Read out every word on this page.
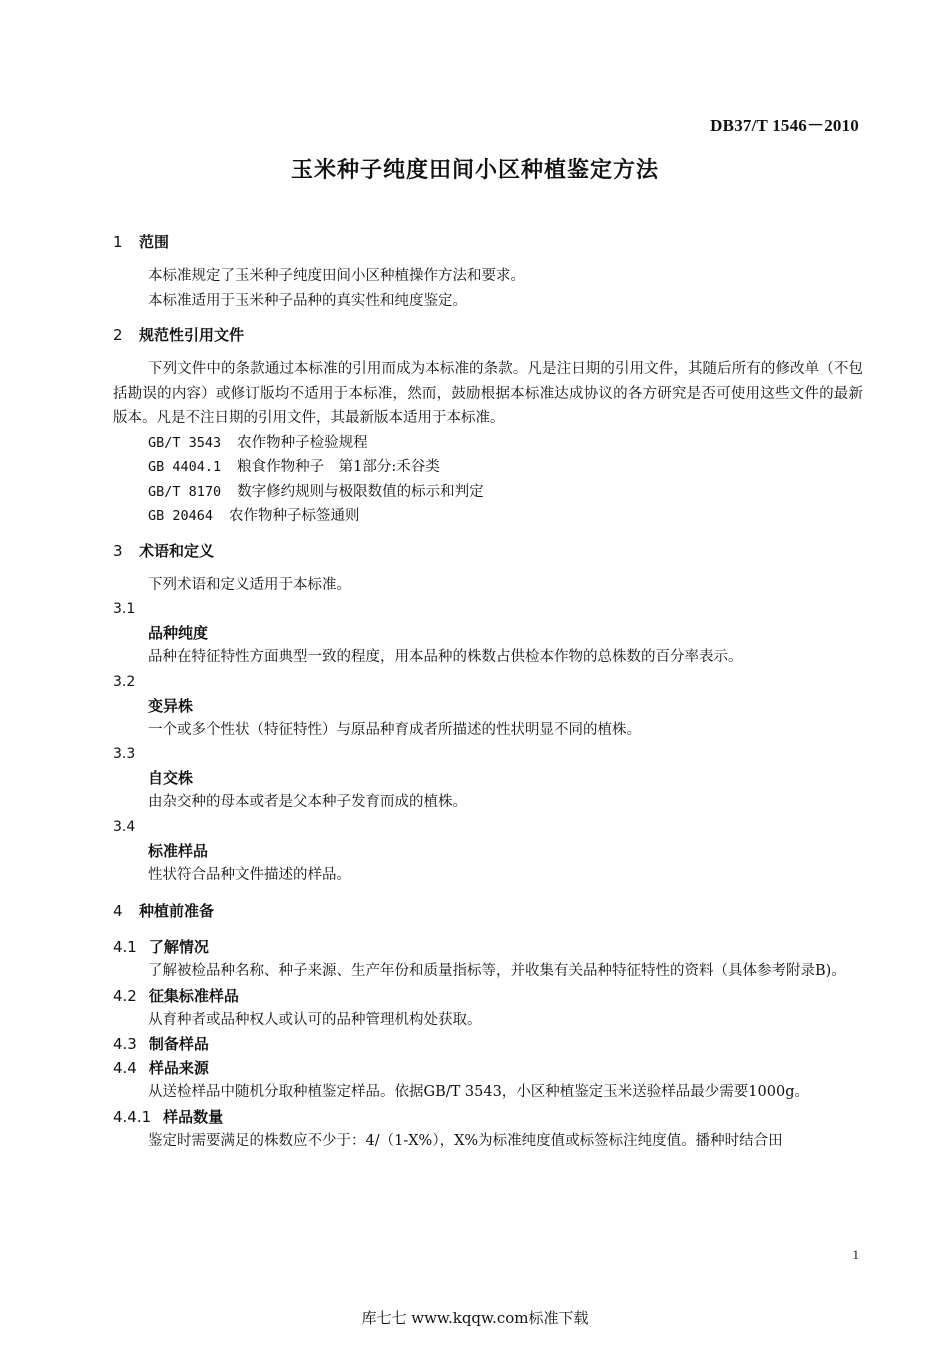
DB37/T 1546－2010
玉米种子纯度田间小区种植鉴定方法

1 范围

本标准规定了玉米种子纯度田间小区种植操作方法和要求。

本标准适用于玉米种子品种的真实性和纯度鉴定。

2 规范性引用文件

下列文件中的条款通过本标准的引用而成为本标准的条款。凡是注日期的引用文件，其随后所有的修改单（不包括勘误的内容）或修订版均不适用于本标准，然而，鼓励根据本标准达成协议的各方研究是否可使用这些文件的最新版本。凡是不注日期的引用文件，其最新版本适用于本标准。

GB/T 3543 农作物种子检验规程

GB 4404.1 粮食作物种子　第1部分:禾谷类

GB/T 8170 数字修约规则与极限数值的标示和判定

GB 20464 农作物种子标签通则

3 术语和定义

下列术语和定义适用于本标准。

3.1

品种纯度

品种在特征特性方面典型一致的程度，用本品种的株数占供检本作物的总株数的百分率表示。

3.2

变异株

一个或多个性状（特征特性）与原品种育成者所描述的性状明显不同的植株。

3.3

自交株

由杂交种的母本或者是父本种子发育而成的植株。

3.4

标准样品

性状符合品种文件描述的样品。

4 种植前准备

4.1 了解情况

了解被检品种名称、种子来源、生产年份和质量指标等，并收集有关品种特征特性的资料（具体参考附录B)。

4.2 征集标准样品

从育种者或品种权人或认可的品种管理机构处获取。

4.3 制备样品

4.4 样品来源

从送检样品中随机分取种植鉴定样品。依据GB/T 3543，小区种植鉴定玉米送验样品最少需要1000g。

4.4.1 样品数量

鉴定时需要满足的株数应不少于：4/（1-X%），X%为标准纯度值或标签标注纯度值。播种时结合田

1
库七七 www.kqqw.com标准下载
